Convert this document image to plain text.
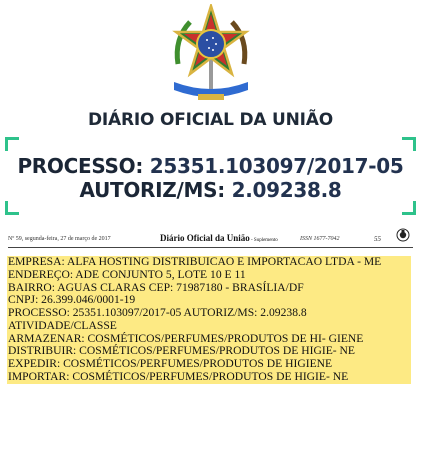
DIÁRIO OFICIAL DA UNIÃO
PROCESSO: 25351.103097/2017-05
AUTORIZ/MS: 2.09238.8
Nº 59, segunda-feira, 27 de março de 2017	Diário Oficial da União - Suplemento	ISSN 1677-7042	55
EMPRESA: ALFA HOSTING DISTRIBUICAO E IMPORTACAO LTDA - ME
ENDEREÇO: ADE CONJUNTO 5, LOTE 10 E 11
BAIRRO: AGUAS CLARAS CEP: 71987180 - BRASÍLIA/DF
CNPJ: 26.399.046/0001-19
PROCESSO: 25351.103097/2017-05 AUTORIZ/MS: 2.09238.8
ATIVIDADE/CLASSE
ARMAZENAR: COSMÉTICOS/PERFUMES/PRODUTOS DE HI- GIENE
DISTRIBUIR: COSMÉTICOS/PERFUMES/PRODUTOS DE HIGIE- NE
EXPEDIR: COSMÉTICOS/PERFUMES/PRODUTOS DE HIGIENE
IMPORTAR: COSMÉTICOS/PERFUMES/PRODUTOS DE HIGIE- NE
